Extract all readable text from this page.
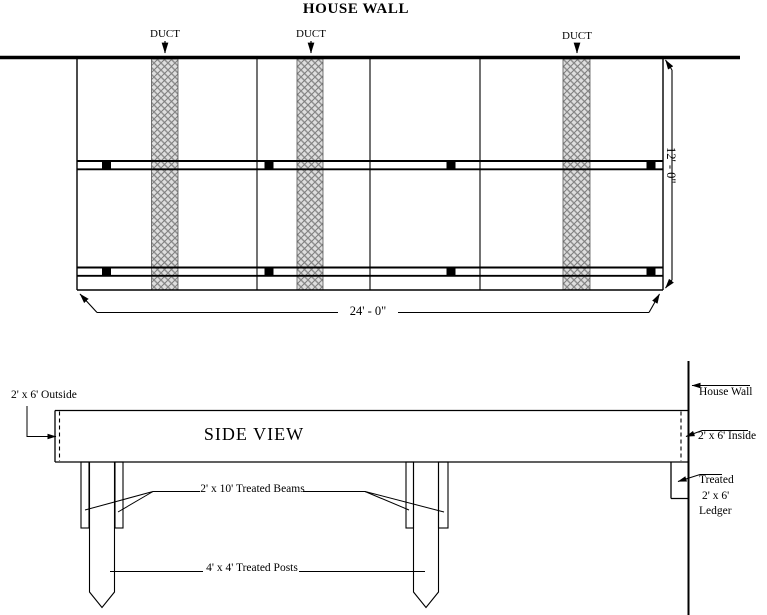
HOUSE WALL
DUCT	DUCT	DUCT
24' - 0"
12' - 0"
SIDE VIEW
2' x 6' Outside	House Wall
2' x 6' Inside
Treated
2' x 6'
Ledger
2' x 10' Treated Beams
4' x 4' Treated Posts
